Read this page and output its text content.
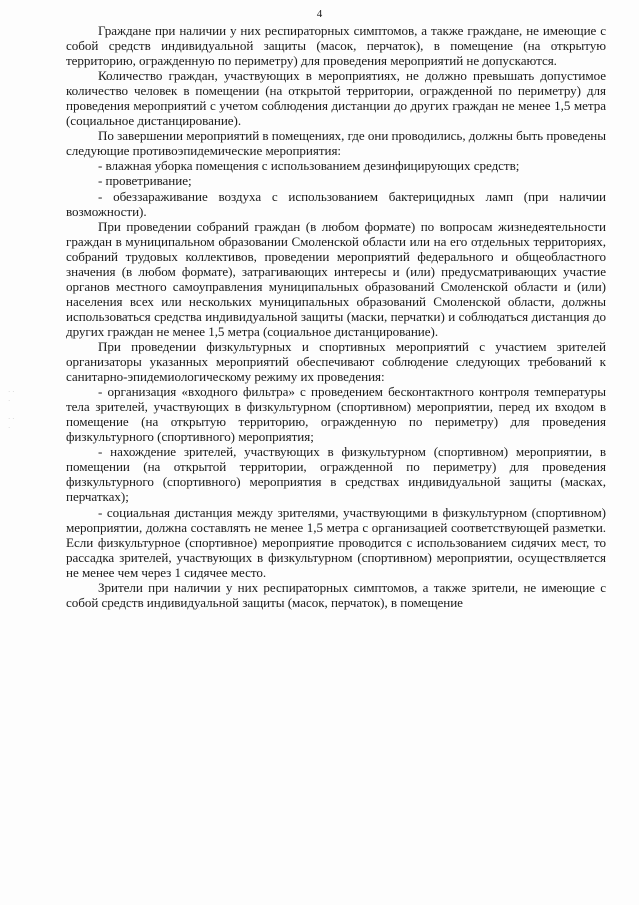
4
· ·
·

· ·
·

Граждане при наличии у них респираторных симптомов, а также граждане, не имеющие с собой средств индивидуальной защиты (масок, перчаток), в помещение (на открытую территорию, огражденную по периметру) для проведения мероприятий не допускаются.

Количество граждан, участвующих в мероприятиях, не должно превышать допустимое количество человек в помещении (на открытой территории, огражденной по периметру) для проведения мероприятий с учетом соблюдения дистанции до других граждан не менее 1,5 метра (социальное дистанцирование).

По завершении мероприятий в помещениях, где они проводились, должны быть проведены следующие противоэпидемические мероприятия:

- влажная уборка помещения с использованием дезинфицирующих средств;

- проветривание;

- обеззараживание воздуха с использованием бактерицидных ламп (при наличии возможности).

При проведении собраний граждан (в любом формате) по вопросам жизнедеятельности граждан в муниципальном образовании Смоленской области или на его отдельных территориях, собраний трудовых коллективов, проведении мероприятий федерального и общеобластного значения (в любом формате), затрагивающих интересы и (или) предусматривающих участие органов местного самоуправления муниципальных образований Смоленской области и (или) населения всех или нескольких муниципальных образований Смоленской области, должны использоваться средства индивидуальной защиты (маски, перчатки) и соблюдаться дистанция до других граждан не менее 1,5 метра (социальное дистанцирование).

При проведении физкультурных и спортивных мероприятий с участием зрителей организаторы указанных мероприятий обеспечивают соблюдение следующих требований к санитарно-эпидемиологическому режиму их проведения:

- организация «входного фильтра» с проведением бесконтактного контроля температуры тела зрителей, участвующих в физкультурном (спортивном) мероприятии, перед их входом в помещение (на открытую территорию, огражденную по периметру) для проведения физкультурного (спортивного) мероприятия;

- нахождение зрителей, участвующих в физкультурном (спортивном) мероприятии, в помещении (на открытой территории, огражденной по периметру) для проведения физкультурного (спортивного) мероприятия в средствах индивидуальной защиты (масках, перчатках);

- социальная дистанция между зрителями, участвующими в физкультурном (спортивном) мероприятии, должна составлять не менее 1,5 метра с организацией соответствующей разметки. Если физкультурное (спортивное) мероприятие проводится с использованием сидячих мест, то рассадка зрителей, участвующих в физкультурном (спортивном) мероприятии, осуществляется не менее чем через 1 сидячее место.

Зрители при наличии у них респираторных симптомов, а также зрители, не имеющие с собой средств индивидуальной защиты (масок, перчаток), в помещение
